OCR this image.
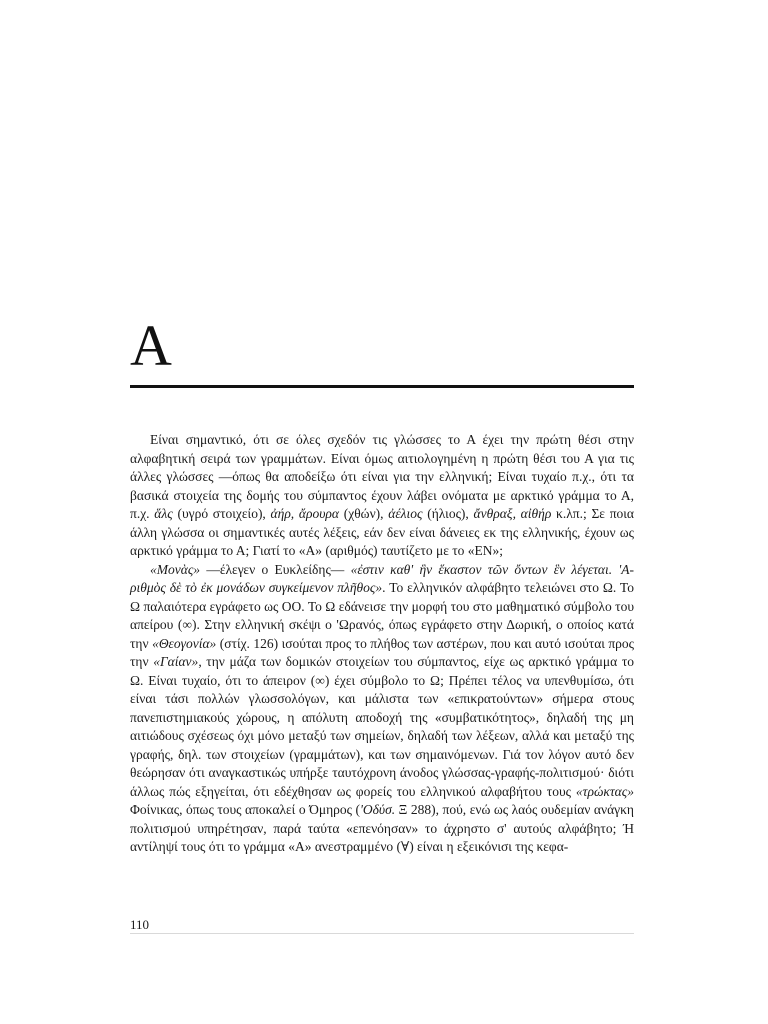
Α

Είναι σημαντικό, ότι σε όλες σχεδόν τις γλώσσες το Α έχει την πρώτη θέσι στην αλφαβητική σειρά των γραμμάτων. Είναι όμως αιτιολογημένη η πρώτη θέσι του Α για τις άλλες γλώσσες —όπως θα αποδείξω ότι είναι για την ελληνική; Είναι τυχαίο π.χ., ότι τα βασικά στοιχεία της δομής του σύμπαντος έχουν λάβει ονόματα με αρκτικό γράμμα το Α, π.χ. ἅλς (υγρό στοιχείο), ἀήρ, ἄρουρα (χθών), ἀέλιος (ήλιος), ἄνθραξ, αἰθήρ κ.λπ.; Σε ποια άλλη γλώσσα οι σημαντικές αυτές λέξεις, εάν δεν είναι δάνειες εκ της ελληνικής, έχουν ως αρκτικό γράμμα το Α; Γιατί το «Α» (αριθμός) ταυτίζετο με το «ΕΝ»;

«Μονὰς» —έλεγεν ο Ευκλείδης— «ἐστιν καθ' ἣν ἕκαστον τῶν ὄντων ἓν λέγεται. 'Α-ριθμὸς δὲ τὸ ἐκ μονάδων συγκείμενον πλῆθος». Το ελληνικόν αλφάβητο τελειώνει στο Ω. Το Ω παλαιότερα εγράφετο ως ΟΟ. Το Ω εδάνεισε την μορφή του στο μαθηματικό σύμβολο του απείρου (∞). Στην ελληνική σκέψι ο 'Ωρανός, όπως εγράφετο στην Δωρική, ο οποίος κατά την «Θεογονία» (στίχ. 126) ισούται προς το πλήθος των αστέρων, που και αυτό ισούται προς την «Γαίαν», την μάζα των δομικών στοιχείων του σύμπαντος, είχε ως αρκτικό γράμμα το Ω. Είναι τυχαίο, ότι το άπειρον (∞) έχει σύμβολο το Ω; Πρέπει τέλος να υπενθυμίσω, ότι είναι τάσι πολλών γλωσσολόγων, και μάλιστα των «επικρατούντων» σήμερα στους πανεπιστημιακούς χώρους, η απόλυτη αποδοχή της «συμβατικότητος», δηλαδή της μη αιτιώδους σχέσεως όχι μόνο μεταξύ των σημείων, δηλαδή των λέξεων, αλλά και μεταξύ της γραφής, δηλ. των στοιχείων (γραμμάτων), και των σημαινόμενων. Γιά τον λόγον αυτό δεν θεώρησαν ότι αναγκαστικώς υπήρξε ταυτόχρονη άνοδος γλώσσας-γραφής-πολιτισμού· διότι άλλως πώς εξηγείται, ότι εδέχθησαν ως φορείς του ελληνικού αλφαβήτου τους «τρώκτας» Φοίνικας, όπως τους αποκαλεί ο Όμηρος ('Οδύσ. Ξ 288), πού, ενώ ως λαός ουδεμίαν ανάγκη πολιτισμού υπηρέτησαν, παρά ταύτα «επενόησαν» το άχρηστο σ' αυτούς αλφάβητο; Ή αντίληψί τους ότι το γράμμα «Α» ανεστραμμένο (∀) είναι η εξεικόνισι της κεφα-

110
